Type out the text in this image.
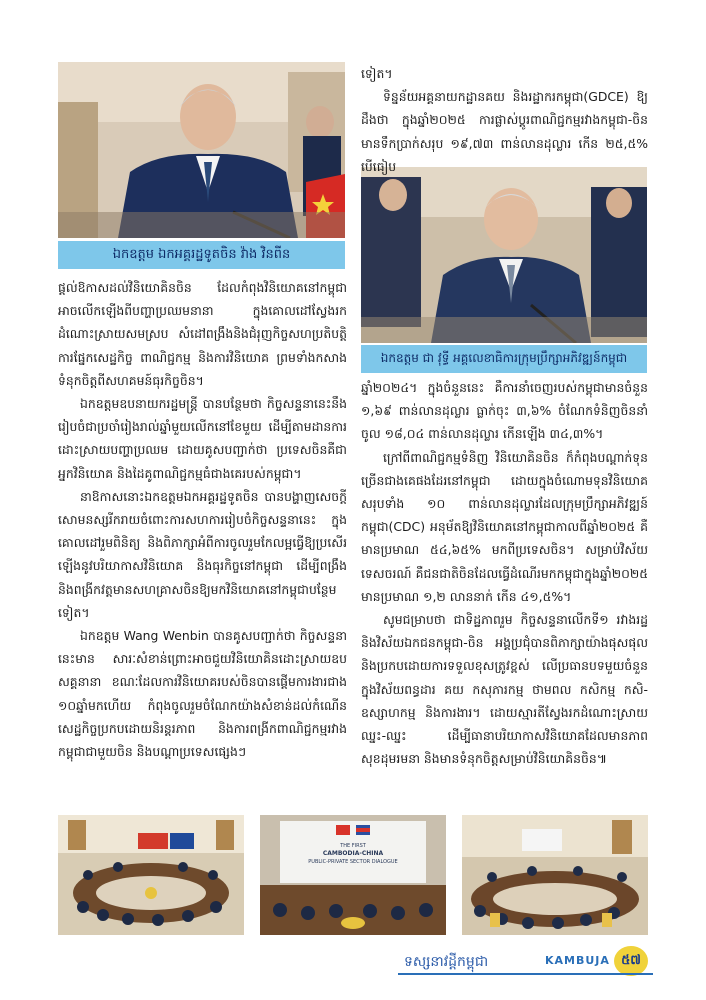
ឯកឧត្តម ឯកអគ្គរដ្ឋទូតចិន វ៉ាង វិនពីន
ឯកឧត្តម ជា វុទ្ធី អគ្គលេខាធិការក្រុមប្រឹក្សាអភិវឌ្ឍន៍កម្ពុជា

ផ្តល់ឱកាសដល់វិនិយោគិនចិន ដែលកំពុងវិនិយោគនៅកម្ពុជា អាចលើកឡើងពីបញ្ហាប្រឈមនានា ក្នុងគោលដៅស្វែងរកដំណោះស្រាយសមស្រប សំដៅពង្រឹងនិងជំរុញកិច្ចសហប្រតិបត្តិការផ្នែកសេដ្ឋកិច្ច ពាណិជ្ជកម្ម និងការវិនិយោគ ព្រមទាំងកសាងទំនុកចិត្តពីសហគមន៍ធុរកិច្ចចិន។

ឯកឧត្តមឧបនាយករដ្ឋមន្ត្រី បានបន្ថែមថា កិច្ចសន្ទនានេះនឹងរៀបចំជាប្រចាំរៀងរាល់ឆ្នាំមួយលើកនៅខែមួយ ដើម្បីតាមដានការដោះស្រាយបញ្ហាប្រឈម ដោយគូសបញ្ជាក់ថា ប្រទេសចិនគឺជាអ្នកវិនិយោគ និងដៃគូពាណិជ្ជកម្មធំជាងគេរបស់កម្ពុជា។

នាឱកាសនោះឯកឧត្តមឯកអគ្គរដ្ឋទូតចិន បានបង្ហាញសេចក្តីសោមនស្សរីករាយចំពោះការសហការរៀបចំកិច្ចសន្ទនានេះ ក្នុងគោលដៅរួមពិនិត្យ និងពិភាក្សាអំពីការចូលរួមកែលម្អធ្វើឱ្យប្រសើរឡើងនូវបរិយាកាសវិនិយោគ និងធុរកិច្ចនៅកម្ពុជា ដើម្បីពង្រឹង និងពង្រីកវត្តមានសហគ្រាសចិនឱ្យមកវិនិយោគនៅកម្ពុជាបន្ថែមទៀត។

ឯកឧត្តម Wang Wenbin បានគូសបញ្ជាក់ថា កិច្ចសន្ទនានេះមាន សារៈសំខាន់ព្រោះអាចជួយវិនិយោគិនដោះស្រាយឧបសគ្គនានា ខណៈដែលការវិនិយោគរបស់ចិនបានផ្តើមការងារជាង ១០ឆ្នាំមកហើយ កំពុងចូលរួមចំណែកយ៉ាងសំខាន់ដល់កំណើនសេដ្ឋកិច្ចប្រកបដោយនិរន្តរភាព និងការពង្រីកពាណិជ្ជកម្មរវាងកម្ពុជាជាមួយចិន និងបណ្តាប្រទេសផ្សេងៗ

ទៀត។

ទិន្នន័យអគ្គនាយកដ្ឋានគយ និងរដ្ឋាករកម្ពុជា(GDCE) ឱ្យដឹងថា ក្នុងឆ្នាំ២០២៥ ការផ្លាស់ប្តូរពាណិជ្ជកម្មរវាងកម្ពុជា-ចិន មានទឹកប្រាក់សរុប ១៩,៧៣ ពាន់លានដុល្លារ កើន ២៥,៥% បើធៀប

ឆ្នាំ២០២៤។ ក្នុងចំនួននេះ គឺការនាំចេញរបស់កម្ពុជាមានចំនួន ១,៦៩ ពាន់លានដុល្លារ ធ្លាក់ចុះ ៣,៦% ចំណែកទំនិញចិននាំចូល ១៨,០៤ ពាន់លានដុល្លារ កើនឡើង ៣៤,៣%។

ក្រៅពីពាណិជ្ជកម្មទំនិញ វិនិយោគិនចិន ក៏កំពុងបណ្តាក់ទុនច្រើនជាងគេផងដែរនៅកម្ពុជា ដោយក្នុងចំណោមទុនវិនិយោគសរុបទាំង ១០ ពាន់លានដុល្លារដែលក្រុមប្រឹក្សាអភិវឌ្ឍន៍កម្ពុជា(CDC) អនុម័តឱ្យវិនិយោគនៅកម្ពុជាកាលពីឆ្នាំ២០២៥ គឺមានប្រមាណ ៥៤,៦៥% មកពីប្រទេសចិន។ សម្រាប់វិស័យទេសចរណ៍ គឺជនជាតិចិនដែលធ្វើដំណើរមកកម្ពុជាក្នុងឆ្នាំ២០២៥ មានប្រមាណ ១,២ លាននាក់ កើន ៤១,៥%។

សូមជម្រាបថា ជាទិដ្ឋភាពរួម កិច្ចសន្ទនាលើកទី១ រវាងរដ្ឋ និងវិស័យឯកជនកម្ពុជា-ចិន អង្គប្រជុំបានពិភាក្សាយ៉ាងផុសផុល និងប្រកបដោយការទទួលខុសត្រូវខ្ពស់ លើប្រធានបទមួយចំនួន ក្នុងវិស័យពន្ធដារ គយ កសុភារកម្ម ថាមពល កសិកម្ម កសិ-ឧស្សាហកម្ម និងការងារ។ ដោយស្មារតីស្វែងរកដំណោះស្រាយឈ្នះ-ឈ្នះ ដើម្បីធានាបរិយាកាសវិនិយោគដែលមានភាពសុខដុមរមនា និងមានទំនុកចិត្តសម្រាប់វិនិយោគិនចិន៕

THE FIRST
CAMBODIA-CHINA
PUBLIC-PRIVATE SECTOR DIALOGUE
ទស្សនាវដ្តីកម្ពុជា	KAMBUJA ៥៧
